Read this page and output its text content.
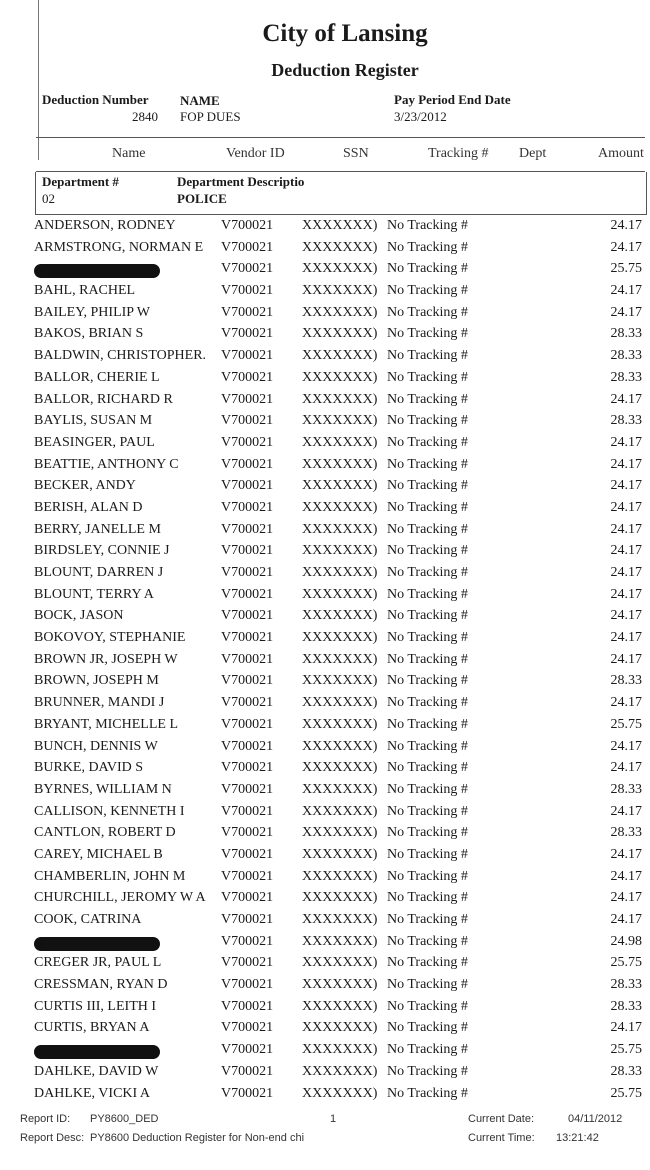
City of Lansing
Deduction Register
Deduction Number
2840
NAME
FOP DUES
Pay Period End Date
3/23/2012
Name	Vendor ID	SSN	Tracking # Dept	Amount
Department #
02
Department Descriptio
POLICE
ANDERSON, RODNEY	V700021 XXXXXXX) No Tracking #	24.17
ARMSTRONG, NORMAN E V700021 XXXXXXX) No Tracking #	24.17
V700021 XXXXXXX) No Tracking #	25.75
BAHL, RACHEL	V700021 XXXXXXX) No Tracking #	24.17
BAILEY, PHILIP W	V700021 XXXXXXX) No Tracking #	24.17
BAKOS, BRIAN S	V700021 XXXXXXX) No Tracking #	28.33
BALDWIN, CHRISTOPHER. V700021 XXXXXXX) No Tracking #	28.33
BALLOR, CHERIE L	V700021 XXXXXXX) No Tracking #	28.33
BALLOR, RICHARD R	V700021 XXXXXXX) No Tracking #	24.17
BAYLIS, SUSAN M	V700021 XXXXXXX) No Tracking #	28.33
BEASINGER, PAUL	V700021 XXXXXXX) No Tracking #	24.17
BEATTIE, ANTHONY C	V700021 XXXXXXX) No Tracking #	24.17
BECKER, ANDY	V700021 XXXXXXX) No Tracking #	24.17
BERISH, ALAN D	V700021 XXXXXXX) No Tracking #	24.17
BERRY, JANELLE M	V700021 XXXXXXX) No Tracking #	24.17
BIRDSLEY, CONNIE J	V700021 XXXXXXX) No Tracking #	24.17
BLOUNT, DARREN J	V700021 XXXXXXX) No Tracking #	24.17
BLOUNT, TERRY A	V700021 XXXXXXX) No Tracking #	24.17
BOCK, JASON	V700021 XXXXXXX) No Tracking #	24.17
BOKOVOY, STEPHANIE	V700021 XXXXXXX) No Tracking #	24.17
BROWN JR, JOSEPH W	V700021 XXXXXXX) No Tracking #	24.17
BROWN, JOSEPH M	V700021 XXXXXXX) No Tracking #	28.33
BRUNNER, MANDI J	V700021 XXXXXXX) No Tracking #	24.17
BRYANT, MICHELLE L	V700021 XXXXXXX) No Tracking #	25.75
BUNCH, DENNIS W	V700021 XXXXXXX) No Tracking #	24.17
BURKE, DAVID S	V700021 XXXXXXX) No Tracking #	24.17
BYRNES, WILLIAM N	V700021 XXXXXXX) No Tracking #	28.33
CALLISON, KENNETH I	V700021 XXXXXXX) No Tracking #	24.17
CANTLON, ROBERT D	V700021 XXXXXXX) No Tracking #	28.33
CAREY, MICHAEL B	V700021 XXXXXXX) No Tracking #	24.17
CHAMBERLIN, JOHN M	V700021 XXXXXXX) No Tracking #	24.17
CHURCHILL, JEROMY W A V700021 XXXXXXX) No Tracking #	24.17
COOK, CATRINA	V700021 XXXXXXX) No Tracking #	24.17
V700021 XXXXXXX) No Tracking #	24.98
CREGER JR, PAUL L	V700021 XXXXXXX) No Tracking #	25.75
CRESSMAN, RYAN D	V700021 XXXXXXX) No Tracking #	28.33
CURTIS III, LEITH I	V700021 XXXXXXX) No Tracking #	28.33
CURTIS, BRYAN A	V700021 XXXXXXX) No Tracking #	24.17
V700021 XXXXXXX) No Tracking #	25.75
DAHLKE, DAVID W	V700021 XXXXXXX) No Tracking #	28.33
DAHLKE, VICKI A	V700021 XXXXXXX) No Tracking #	25.75
Report ID: PY8600_DED	1	Current Date:	04/11/2012
Report Desc: PY8600 Deduction Register for Non-end chi	Current Time: 13:21:42
